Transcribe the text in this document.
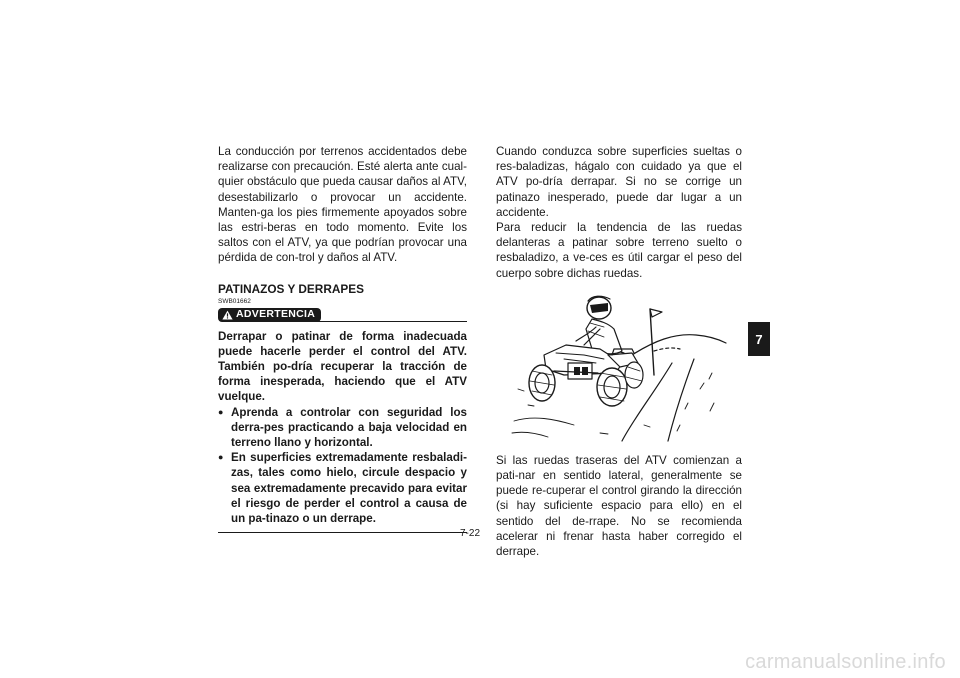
La conducción por terrenos accidentados debe realizarse con precaución. Esté alerta ante cual-quier obstáculo que pueda causar daños al ATV, desestabilizarlo o provocar un accidente. Manten-ga los pies firmemente apoyados sobre las estri-beras en todo momento. Evite los saltos con el ATV, ya que podrían provocar una pérdida de con-trol y daños al ATV.

PATINAZOS Y DERRAPES
SWB01662
ADVERTENCIA

Derrapar o patinar de forma inadecuada puede hacerle perder el control del ATV. También po-dría recuperar la tracción de forma inesperada, haciendo que el ATV vuelque.

● Aprenda a controlar con seguridad los derra-pes practicando a baja velocidad en terreno llano y horizontal.
● En superficies extremadamente resbaladi-zas, tales como hielo, circule despacio y sea extremadamente precavido para evitar el riesgo de perder el control a causa de un pa-tinazo o un derrape.

Cuando conduzca sobre superficies sueltas o res-baladizas, hágalo con cuidado ya que el ATV po-dría derrapar. Si no se corrige un patinazo inesperado, puede dar lugar a un accidente.

Para reducir la tendencia de las ruedas delanteras a patinar sobre terreno suelto o resbaladizo, a ve-ces es útil cargar el peso del cuerpo sobre dichas ruedas.

Si las ruedas traseras del ATV comienzan a pati-nar en sentido lateral, generalmente se puede re-cuperar el control girando la dirección (si hay suficiente espacio para ello) en el sentido del de-rrape. No se recomienda acelerar ni frenar hasta haber corregido el derrape.

7
7-22
carmanualsonline.info
